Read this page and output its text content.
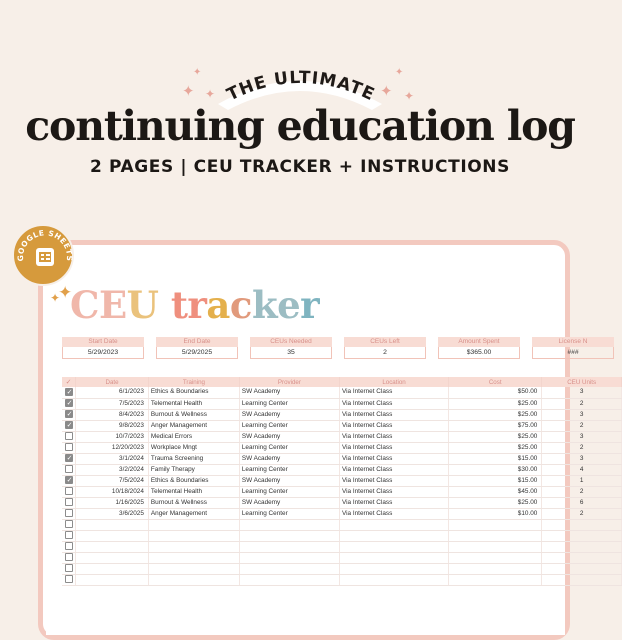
✦
✦ ✦
✦
✦ ✦
THE ULTIMATE
continuing education log
2 PAGES | CEU TRACKER + INSTRUCTIONS
✦
✦ CEU tracker
Start Date
5/29/2023
End Date
5/29/2025
CEUs Needed
35
CEUs Left
2
Amount Spent
$365.00
License N
###
✓	Date	Training	Provider	Location	Cost	CEU Units
✓	6/1/2023	Ethics & Boundaries	SW Academy	Via Internet Class	$50.00	3
✓	7/5/2023	Telemental Health	Learning Center	Via Internet Class	$25.00	2
✓	8/4/2023	Burnout & Wellness	SW Academy	Via Internet Class	$25.00	3
✓	9/8/2023	Anger Management	Learning Center	Via Internet Class	$75.00	2
	10/7/2023	Medical Errors	SW Academy	Via Internet Class	$25.00	3
	12/20/2023	Workplace Mngt	Learning Center	Via Internet Class	$25.00	2
✓	3/1/2024	Trauma Screening	SW Academy	Via Internet Class	$15.00	3
	3/2/2024	Family Therapy	Learning Center	Via Internet Class	$30.00	4
✓	7/5/2024	Ethics & Boundaries	SW Academy	Via Internet Class	$15.00	1
	10/18/2024	Telemental Health	Learning Center	Via Internet Class	$45.00	2
	1/16/2025	Burnout & Wellness	SW Academy	Via Internet Class	$25.00	6
	3/6/2025	Anger Management	Learning Center	Via Internet Class	$10.00	2

GOOGLE SHEETS
